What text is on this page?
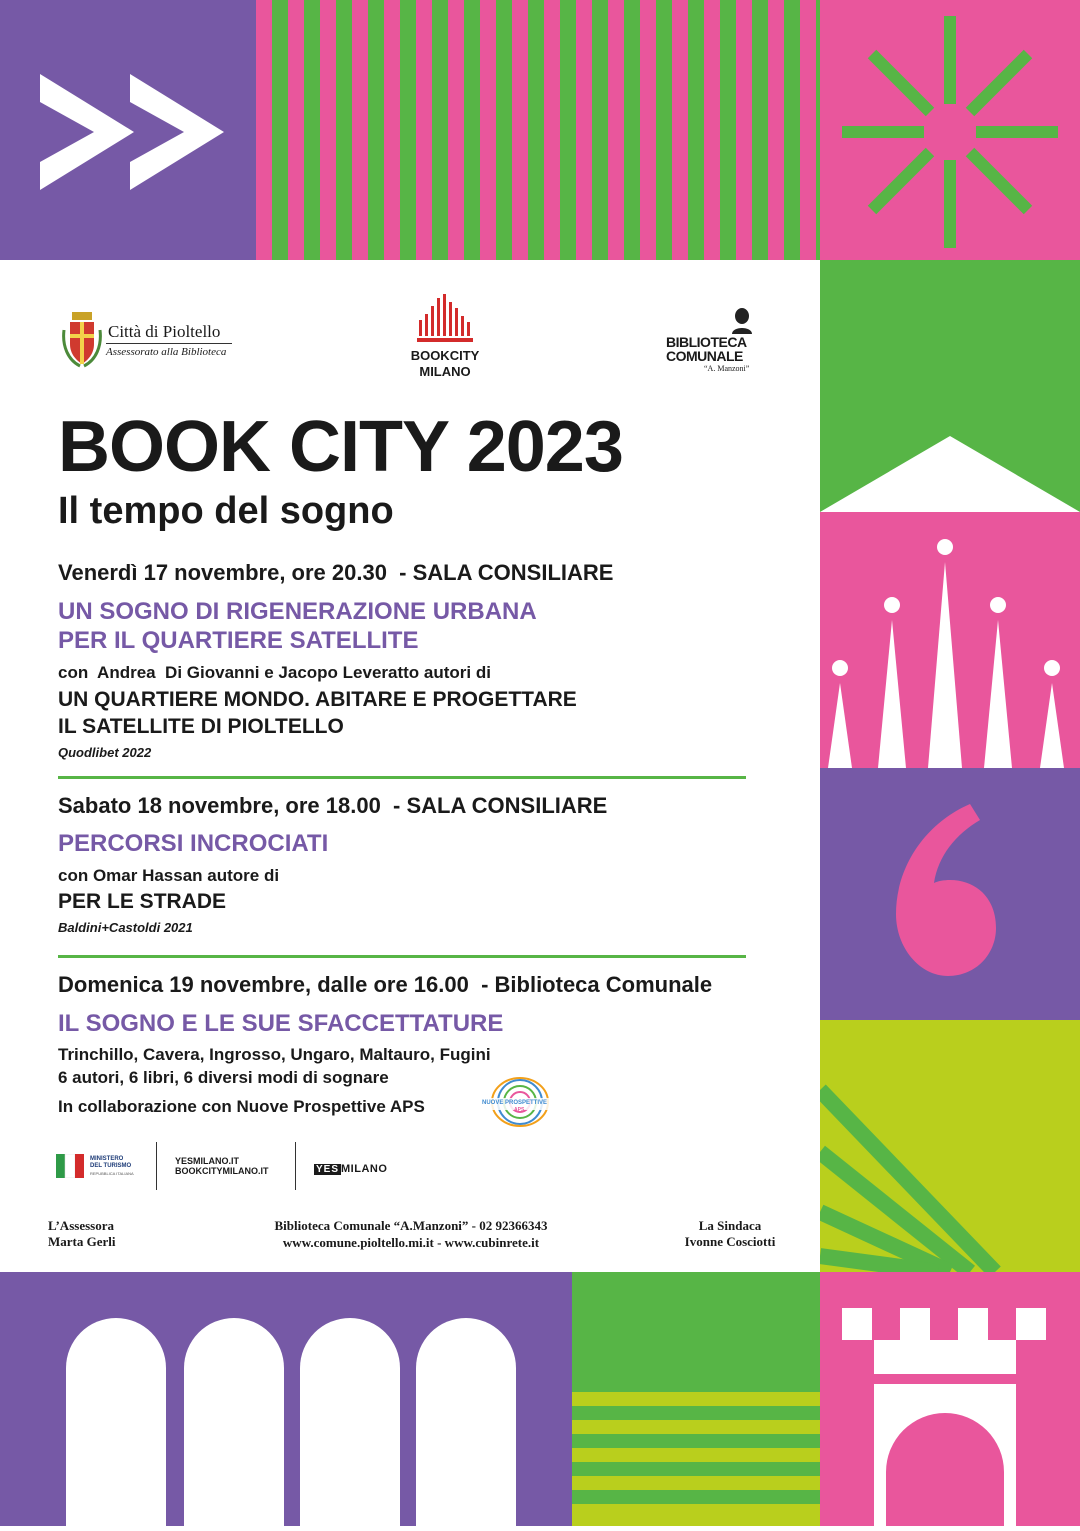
Città di Pioltello
Assessorato alla Biblioteca	BOOKCITY
MILANO
BIBLIOTECA
COMUNALE
“A. Manzoni”
BOOK CITY 2023
Il tempo del sogno
Venerdì 17 novembre, ore 20.30  - SALA CONSILIARE
UN SOGNO DI RIGENERAZIONE URBANA
PER IL QUARTIERE SATELLITE
con  Andrea  Di Giovanni e Jacopo Leveratto autori di
UN QUARTIERE MONDO. ABITARE E PROGETTARE
IL SATELLITE DI PIOLTELLO
Quodlibet 2022
Sabato 18 novembre, ore 18.00  - SALA CONSILIARE
PERCORSI INCROCIATI
con Omar Hassan autore di
PER LE STRADE
Baldini+Castoldi 2021
Domenica 19 novembre, dalle ore 16.00  - Biblioteca Comunale
IL SOGNO E LE SUE SFACCETTATURE
Trinchillo, Cavera, Ingrosso, Ungaro, Maltauro, Fugini
6 autori, 6 libri, 6 diversi modi di sognare
In collaborazione con Nuove Prospettive APS	NUOVE PROSPETTIVE
APS
MINISTERO
DEL TURISMO
REPUBBLICA ITALIANA
YESMILANO.IT
BOOKCITYMILANO.IT	YES MILANO
L’Assessora
Marta Gerli
Biblioteca Comunale “A.Manzoni” - 02 92366343
www.comune.pioltello.mi.it - www.cubinrete.it
La Sindaca
Ivonne Cosciotti
